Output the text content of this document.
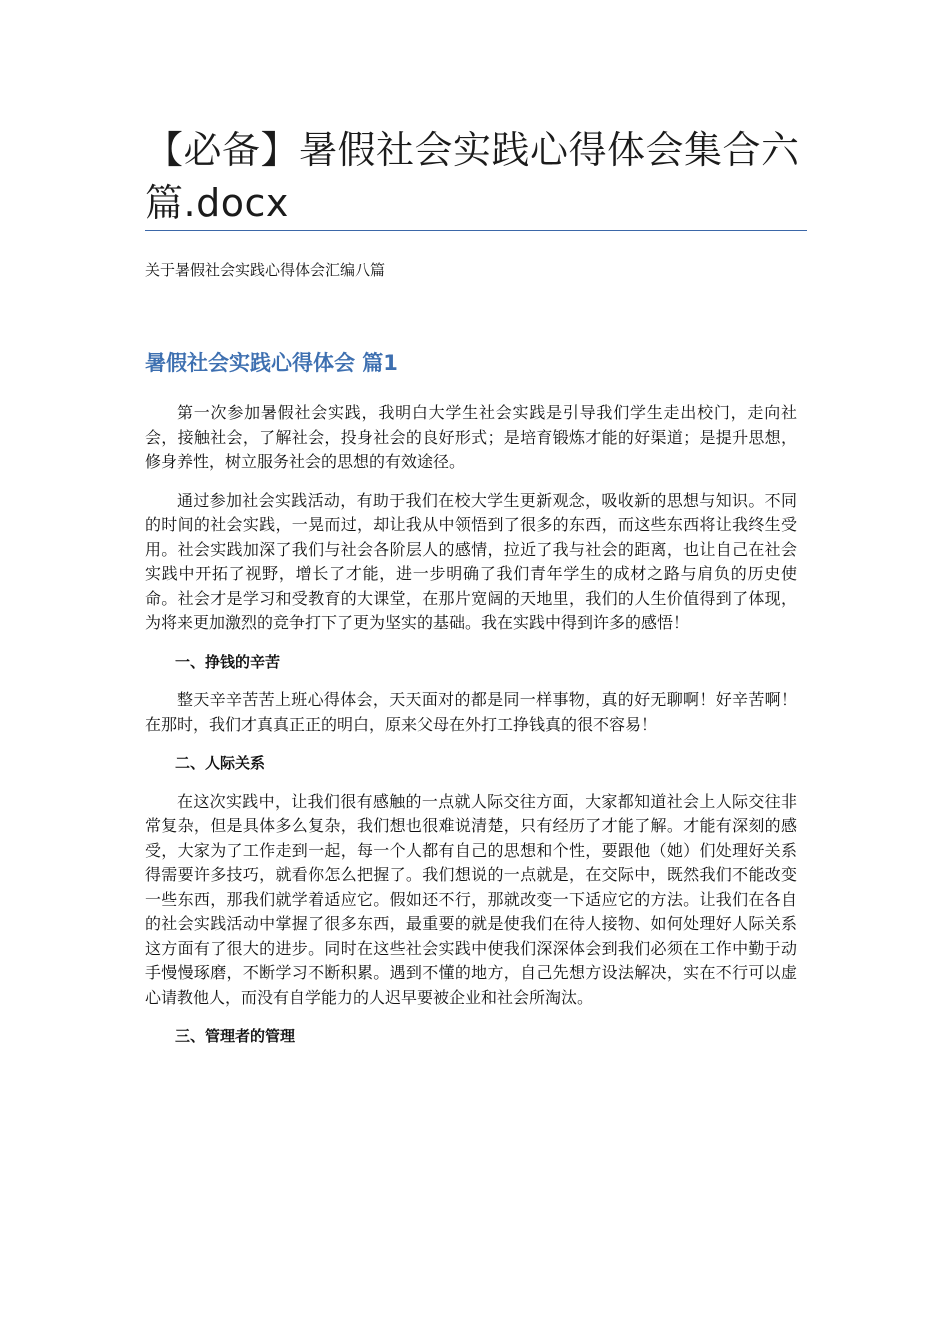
【必备】暑假社会实践心得体会集合六篇.docx

关于暑假社会实践心得体会汇编八篇

暑假社会实践心得体会 篇1

第一次参加暑假社会实践，我明白大学生社会实践是引导我们学生走出校门，走向社会，接触社会，了解社会，投身社会的良好形式；是培育锻炼才能的好渠道；是提升思想，修身养性，树立服务社会的思想的有效途径。

通过参加社会实践活动，有助于我们在校大学生更新观念，吸收新的思想与知识。不同的时间的社会实践，一晃而过，却让我从中领悟到了很多的东西，而这些东西将让我终生受用。社会实践加深了我们与社会各阶层人的感情，拉近了我与社会的距离，也让自己在社会实践中开拓了视野，增长了才能，进一步明确了我们青年学生的成材之路与肩负的历史使命。社会才是学习和受教育的大课堂，在那片宽阔的天地里，我们的人生价值得到了体现，为将来更加激烈的竞争打下了更为坚实的基础。我在实践中得到许多的感悟！

一、挣钱的辛苦

整天辛辛苦苦上班心得体会，天天面对的都是同一样事物，真的好无聊啊！好辛苦啊！在那时，我们才真真正正的明白，原来父母在外打工挣钱真的很不容易！

二、人际关系

在这次实践中，让我们很有感触的一点就人际交往方面，大家都知道社会上人际交往非常复杂，但是具体多么复杂，我们想也很难说清楚，只有经历了才能了解。才能有深刻的感受，大家为了工作走到一起，每一个人都有自己的思想和个性，要跟他（她）们处理好关系得需要许多技巧，就看你怎么把握了。我们想说的一点就是，在交际中，既然我们不能改变一些东西，那我们就学着适应它。假如还不行，那就改变一下适应它的方法。让我们在各自的社会实践活动中掌握了很多东西，最重要的就是使我们在待人接物、如何处理好人际关系这方面有了很大的进步。同时在这些社会实践中使我们深深体会到我们必须在工作中勤于动手慢慢琢磨，不断学习不断积累。遇到不懂的地方，自己先想方设法解决，实在不行可以虚心请教他人，而没有自学能力的人迟早要被企业和社会所淘汰。

三、管理者的管理
